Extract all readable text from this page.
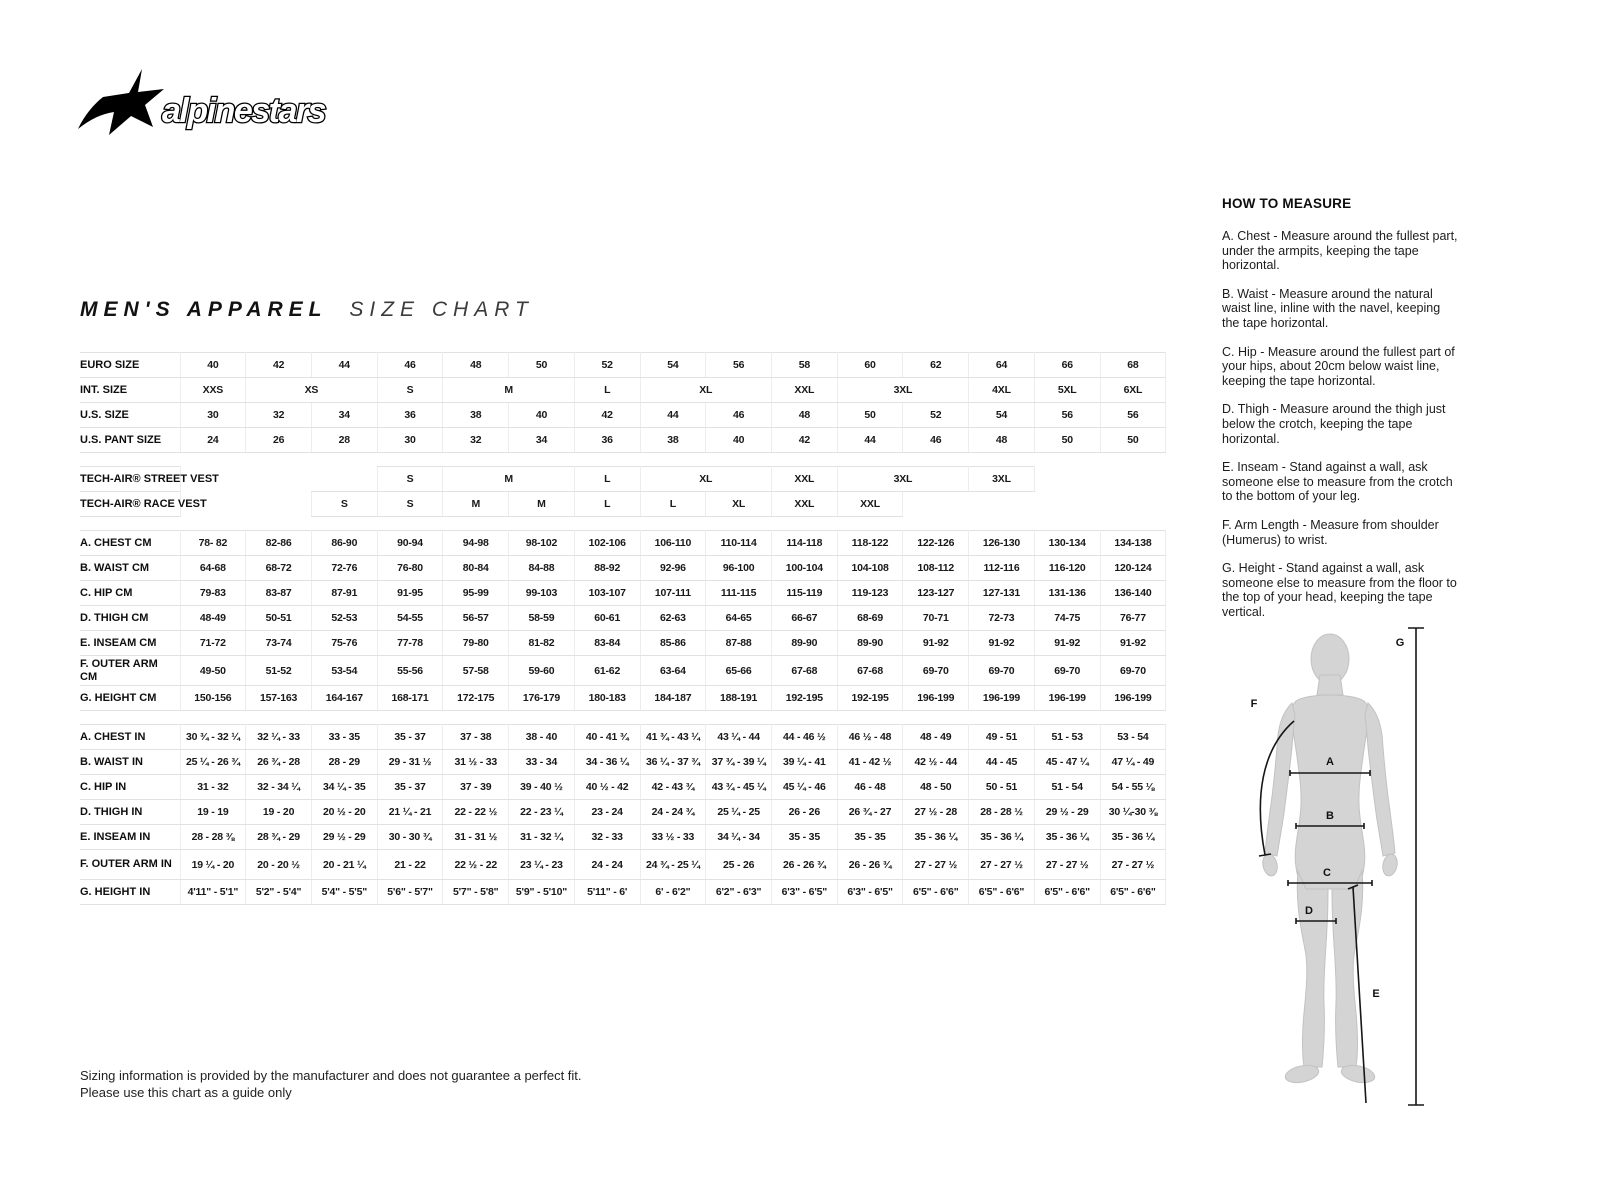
alpinestars
MEN'S APPAREL SIZE CHART
EURO SIZE	40	42	44	46	48	50	52	54	56	58	60	62	64	66	68
INT. SIZE	XXS	XS		S	M		L	XL		XXL	3XL		4XL	5XL	6XL
U.S. SIZE	30	32	34	36	38	40	42	44	46	48	50	52	54	56	56
U.S. PANT SIZE	24	26	28	30	32	34	36	38	40	42	44	46	48	50	50

TECH-AIR® STREET VEST				S	M		L	XL		XXL	3XL		3XL		
TECH-AIR® RACE VEST			S	S	M	M	L	L	XL	XXL	XXL				

A. CHEST CM	78- 82	82-86	86-90	90-94	94-98	98-102	102-106	106-110	110-114	114-118	118-122	122-126	126-130	130-134	134-138
B. WAIST CM	64-68	68-72	72-76	76-80	80-84	84-88	88-92	92-96	96-100	100-104	104-108	108-112	112-116	116-120	120-124
C. HIP CM	79-83	83-87	87-91	91-95	95-99	99-103	103-107	107-111	111-115	115-119	119-123	123-127	127-131	131-136	136-140
D. THIGH CM	48-49	50-51	52-53	54-55	56-57	58-59	60-61	62-63	64-65	66-67	68-69	70-71	72-73	74-75	76-77
E. INSEAM CM	71-72	73-74	75-76	77-78	79-80	81-82	83-84	85-86	87-88	89-90	89-90	91-92	91-92	91-92	91-92
F. OUTER ARM CM	49-50	51-52	53-54	55-56	57-58	59-60	61-62	63-64	65-66	67-68	67-68	69-70	69-70	69-70	69-70
G. HEIGHT CM	150-156	157-163	164-167	168-171	172-175	176-179	180-183	184-187	188-191	192-195	192-195	196-199	196-199	196-199	196-199

A. CHEST IN	30 ¾ - 32 ¼	32 ¼ - 33	33 - 35	35 - 37	37 - 38	38 - 40	40 - 41 ¾	41 ¾ - 43 ¼	43 ¼ - 44	44 - 46 ½	46 ½ - 48	48 - 49	49 - 51	51 - 53	53 - 54
B. WAIST IN	25 ¼ - 26 ¾	26 ¾ - 28	28 - 29	29 - 31 ½	31 ½ - 33	33 - 34	34 - 36 ¼	36 ¼ - 37 ¾	37 ¾ - 39 ¼	39 ¼ - 41	41 - 42 ½	42 ½ - 44	44 - 45	45 - 47 ¼	47 ¼ - 49
C. HIP IN	31 - 32	32 - 34 ¼	34 ¼ - 35	35 - 37	37 - 39	39 - 40 ½	40 ½ - 42	42 - 43 ¾	43 ¾ - 45 ¼	45 ¼ - 46	46 - 48	48 - 50	50 - 51	51 - 54	54 - 55 ⅛
D. THIGH IN	19 - 19	19 - 20	20 ½ - 20	21 ¼ - 21	22 - 22 ½	22 - 23 ¼	23 - 24	24 - 24 ¾	25 ¼ - 25	26 - 26	26 ¾ - 27	27 ½ - 28	28 - 28 ½	29 ½ - 29	30 ¼-30 ⅜
E. INSEAM IN	28 - 28 ⅜	28 ¾ - 29	29 ½ - 29	30 - 30 ¾	31 - 31 ½	31 - 32 ¼	32 - 33	33 ½ - 33	34 ¼ - 34	35 - 35	35 - 35	35 - 36 ¼	35 - 36 ¼	35 - 36 ¼	35 - 36 ¼
F. OUTER ARM IN	19 ¼ - 20	20 - 20 ½	20 - 21 ¼	21 - 22	22 ½ - 22	23 ¼ - 23	24 - 24	24 ¾ - 25 ¼	25 - 26	26 - 26 ¾	26 - 26 ¾	27 - 27 ½	27 - 27 ½	27 - 27 ½	27 - 27 ½
G. HEIGHT IN	4'11" - 5'1"	5'2" - 5'4"	5'4" - 5'5"	5'6" - 5'7"	5'7" - 5'8"	5'9" - 5'10"	5'11" - 6'	6' - 6'2"	6'2" - 6'3"	6'3" - 6'5"	6'3" - 6'5"	6'5" - 6'6"	6'5" - 6'6"	6'5" - 6'6"	6'5" - 6'6"
HOW TO MEASURE

A. Chest - Measure around the fullest part, under the armpits, keeping the tape horizontal.

B. Waist - Measure around the natural waist line, inline with the navel, keeping the tape horizontal.

C. Hip - Measure around the fullest part of your hips, about 20cm below waist line, keeping the tape horizontal.

D. Thigh - Measure around the thigh just below the crotch, keeping the tape horizontal.

E. Inseam - Stand against a wall, ask someone else to measure from the crotch to the bottom of your leg.

F. Arm Length - Measure from shoulder (Humerus) to wrist.

G. Height - Stand against a wall, ask someone else to measure from the floor to the top of your head, keeping the tape vertical.

A
B
C
D
E
F
G
Sizing information is provided by the manufacturer and does not guarantee a perfect fit.
Please use this chart as a guide only
